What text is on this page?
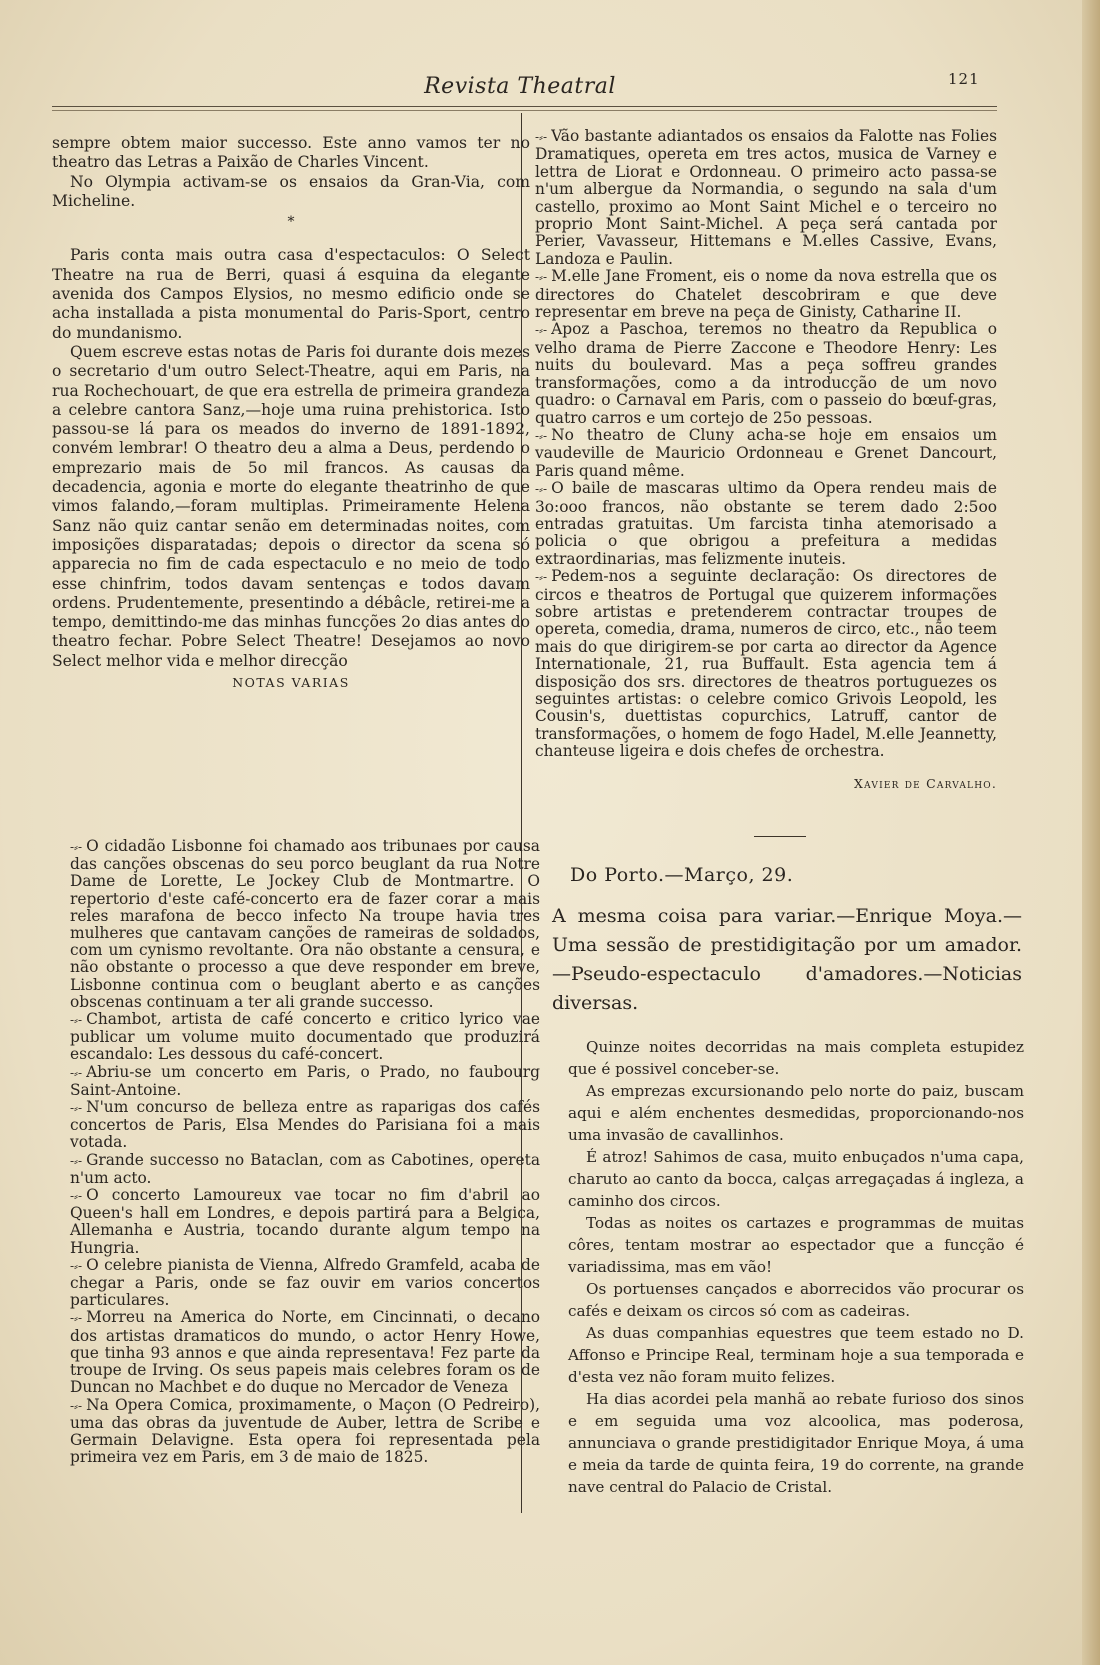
Revista Theatral	121

sempre obtem maior successo. Este anno vamos ter no theatro das Letras a Paixão de Charles Vincent.

No Olympia activam-se os ensaios da Gran-Via, com Micheline.

*

Paris conta mais outra casa d'espectaculos: O Select Theatre na rua de Berri, quasi á esquina da elegante avenida dos Campos Elysios, no mesmo edificio onde se acha installada a pista monumental do Paris-Sport, centro do mundanismo.

Quem escreve estas notas de Paris foi durante dois mezes o secretario d'um outro Select-Theatre, aqui em Paris, na rua Rochechouart, de que era estrella de primeira grandeza a celebre cantora Sanz,—hoje uma ruina prehistorica. Isto passou-se lá para os meados do inverno de 1891-1892, convém lembrar! O theatro deu a alma a Deus, perdendo o emprezario mais de 5o mil francos. As causas da decadencia, agonia e morte do elegante theatrinho de que vimos falando,—foram multiplas. Primeiramente Helena Sanz não quiz cantar senão em determinadas noites, com imposições disparatadas; depois o director da scena só apparecia no fim de cada espectaculo e no meio de todo esse chinfrim, todos davam sentenças e todos davam ordens. Prudentemente, presentindo a débâcle, retirei-me a tempo, demittindo-me das minhas funcções 2o dias antes do theatro fechar. Pobre Select Theatre! Desejamos ao novo Select melhor vida e melhor direcção

NOTAS VARIAS

-⸗- O cidadão Lisbonne foi chamado aos tribunaes por causa das canções obscenas do seu porco beuglant da rua Notre Dame de Lorette, Le Jockey Club de Montmartre. O repertorio d'este café-concerto era de fazer corar a mais reles marafona de becco infecto Na troupe havia tres mulheres que cantavam canções de rameiras de soldados, com um cynismo revoltante. Ora não obstante a censura, e não obstante o processo a que deve responder em breve, Lisbonne continua com o beuglant aberto e as canções obscenas continuam a ter ali grande successo.

-⸗- Chambot, artista de café concerto e critico lyrico vae publicar um volume muito documentado que produzirá escandalo: Les dessous du café-concert.

-⸗- Abriu-se um concerto em Paris, o Prado, no faubourg Saint-Antoine.

-⸗- N'um concurso de belleza entre as raparigas dos cafés concertos de Paris, Elsa Mendes do Parisiana foi a mais votada.

-⸗- Grande successo no Bataclan, com as Cabotines, opereta n'um acto.

-⸗- O concerto Lamoureux vae tocar no fim d'abril ao Queen's hall em Londres, e depois partirá para a Belgica, Allemanha e Austria, tocando durante algum tempo na Hungria.

-⸗- O celebre pianista de Vienna, Alfredo Gramfeld, acaba de chegar a Paris, onde se faz ouvir em varios concertos particulares.

-⸗- Morreu na America do Norte, em Cincinnati, o decano dos artistas dramaticos do mundo, o actor Henry Howe, que tinha 93 annos e que ainda representava! Fez parte da troupe de Irving. Os seus papeis mais celebres foram os de Duncan no Machbet e do duque no Mercador de Veneza

-⸗- Na Opera Comica, proximamente, o Maçon (O Pedreiro), uma das obras da juventude de Auber, lettra de Scribe e Germain Delavigne. Esta opera foi representada pela primeira vez em Paris, em 3 de maio de 1825.

-⸗- Vão bastante adiantados os ensaios da Falotte nas Folies Dramatiques, opereta em tres actos, musica de Varney e lettra de Liorat e Ordonneau. O primeiro acto passa-se n'um albergue da Normandia, o segundo na sala d'um castello, proximo ao Mont Saint Michel e o terceiro no proprio Mont Saint-Michel. A peça será cantada por Perier, Vavasseur, Hittemans e M.elles Cassive, Evans, Landoza e Paulin.

-⸗- M.elle Jane Froment, eis o nome da nova estrella que os directores do Chatelet descobriram e que deve representar em breve na peça de Ginisty, Catharine II.

-⸗- Apoz a Paschoa, teremos no theatro da Republica o velho drama de Pierre Zaccone e Theodore Henry: Les nuits du boulevard. Mas a peça soffreu grandes transformações, como a da introducção de um novo quadro: o Carnaval em Paris, com o passeio do bœuf-gras, quatro carros e um cortejo de 25o pessoas.

-⸗- No theatro de Cluny acha-se hoje em ensaios um vaudeville de Mauricio Ordonneau e Grenet Dancourt, Paris quand même.

-⸗- O baile de mascaras ultimo da Opera rendeu mais de 3o:ooo francos, não obstante se terem dado 2:5oo entradas gratuitas. Um farcista tinha atemorisado a policia o que obrigou a prefeitura a medidas extraordinarias, mas felizmente inuteis.

-⸗- Pedem-nos a seguinte declaração: Os directores de circos e theatros de Portugal que quizerem informações sobre artistas e pretenderem contractar troupes de opereta, comedia, drama, numeros de circo, etc., não teem mais do que dirigirem-se por carta ao director da Agence Internationale, 21, rua Buffault. Esta agencia tem á disposição dos srs. directores de theatros portuguezes os seguintes artistas: o celebre comico Grivois Leopold, les Cousin's, duettistas copurchics, Latruff, cantor de transformações, o homem de fogo Hadel, M.elle Jeannetty, chanteuse ligeira e dois chefes de orchestra.

Xavier de Carvalho.

Do Porto.—Março, 29.

A mesma coisa para variar.—Enrique Moya.—Uma sessão de prestidigitação por um amador.—Pseudo-espectaculo d'amadores.—Noticias diversas.

Quinze noites decorridas na mais completa estupidez que é possivel conceber-se.

As emprezas excursionando pelo norte do paiz, buscam aqui e além enchentes desmedidas, proporcionando-nos uma invasão de cavallinhos.

É atroz! Sahimos de casa, muito enbuçados n'uma capa, charuto ao canto da bocca, calças arregaçadas á ingleza, a caminho dos circos.

Todas as noites os cartazes e programmas de muitas côres, tentam mostrar ao espectador que a funcção é variadissima, mas em vão!

Os portuenses cançados e aborrecidos vão procurar os cafés e deixam os circos só com as cadeiras.

As duas companhias equestres que teem estado no D. Affonso e Principe Real, terminam hoje a sua temporada e d'esta vez não foram muito felizes.

Ha dias acordei pela manhã ao rebate furioso dos sinos e em seguida uma voz alcoolica, mas poderosa, annunciava o grande prestidigitador Enrique Moya, á uma e meia da tarde de quinta feira, 19 do corrente, na grande nave central do Palacio de Cristal.
